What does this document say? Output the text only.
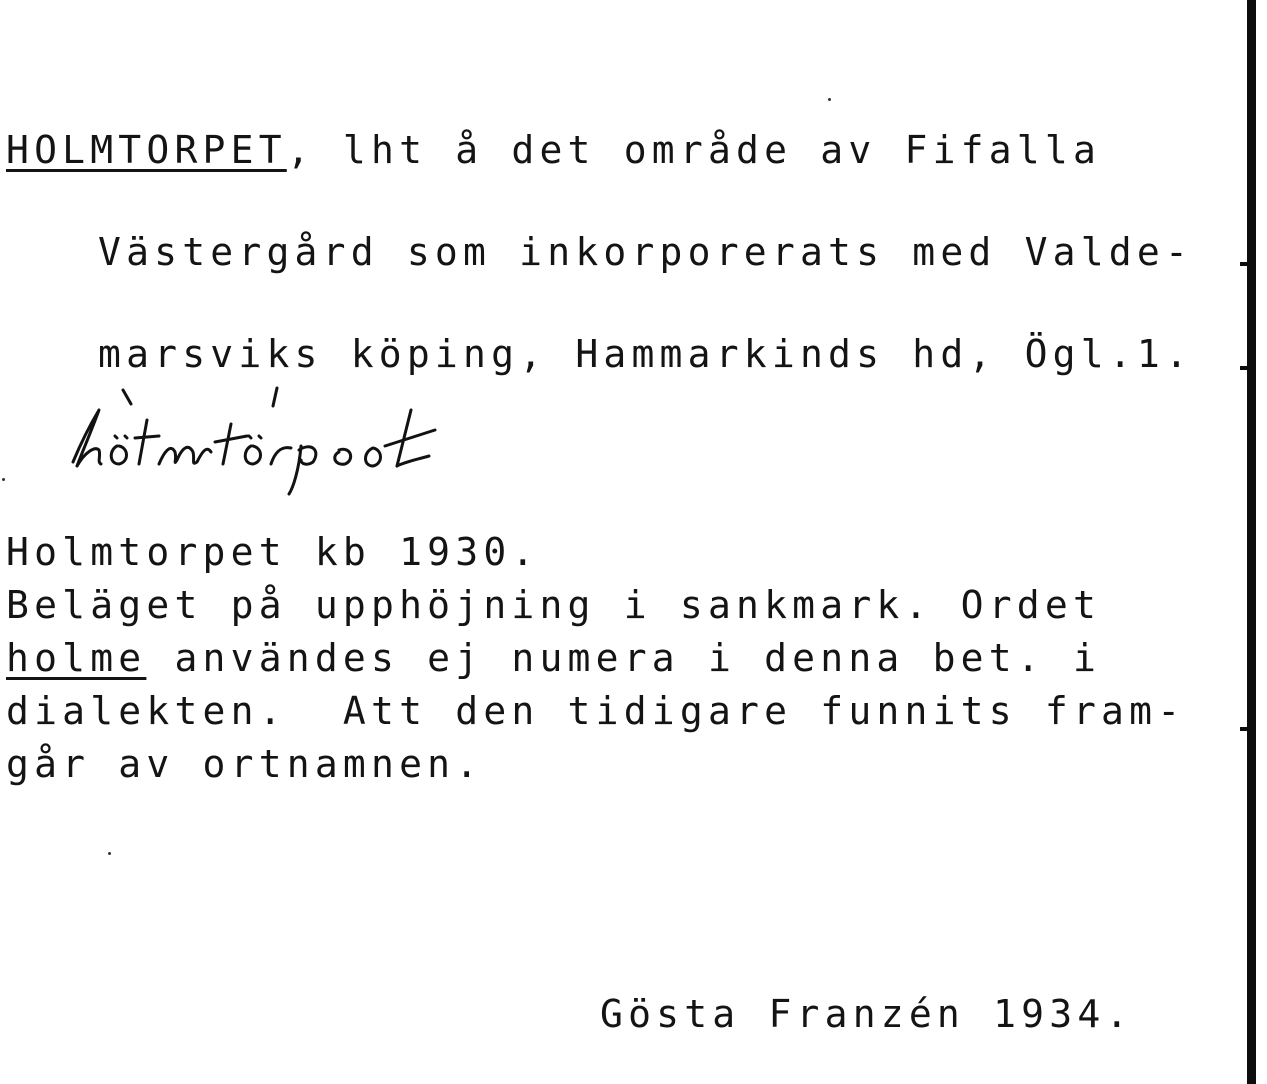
HOLMTORPET, lht å det område av Fifalla
Västergård som inkorporerats med Valde-
marsviks köping, Hammarkinds hd, Ögl.1.
Holmtorpet kb 1930.
Beläget på upphöjning i sankmark. Ordet
holme användes ej numera i denna bet. i
dialekten.  Att den tidigare funnits fram-
går av ortnamnen.
Gösta Franzén 1934.
